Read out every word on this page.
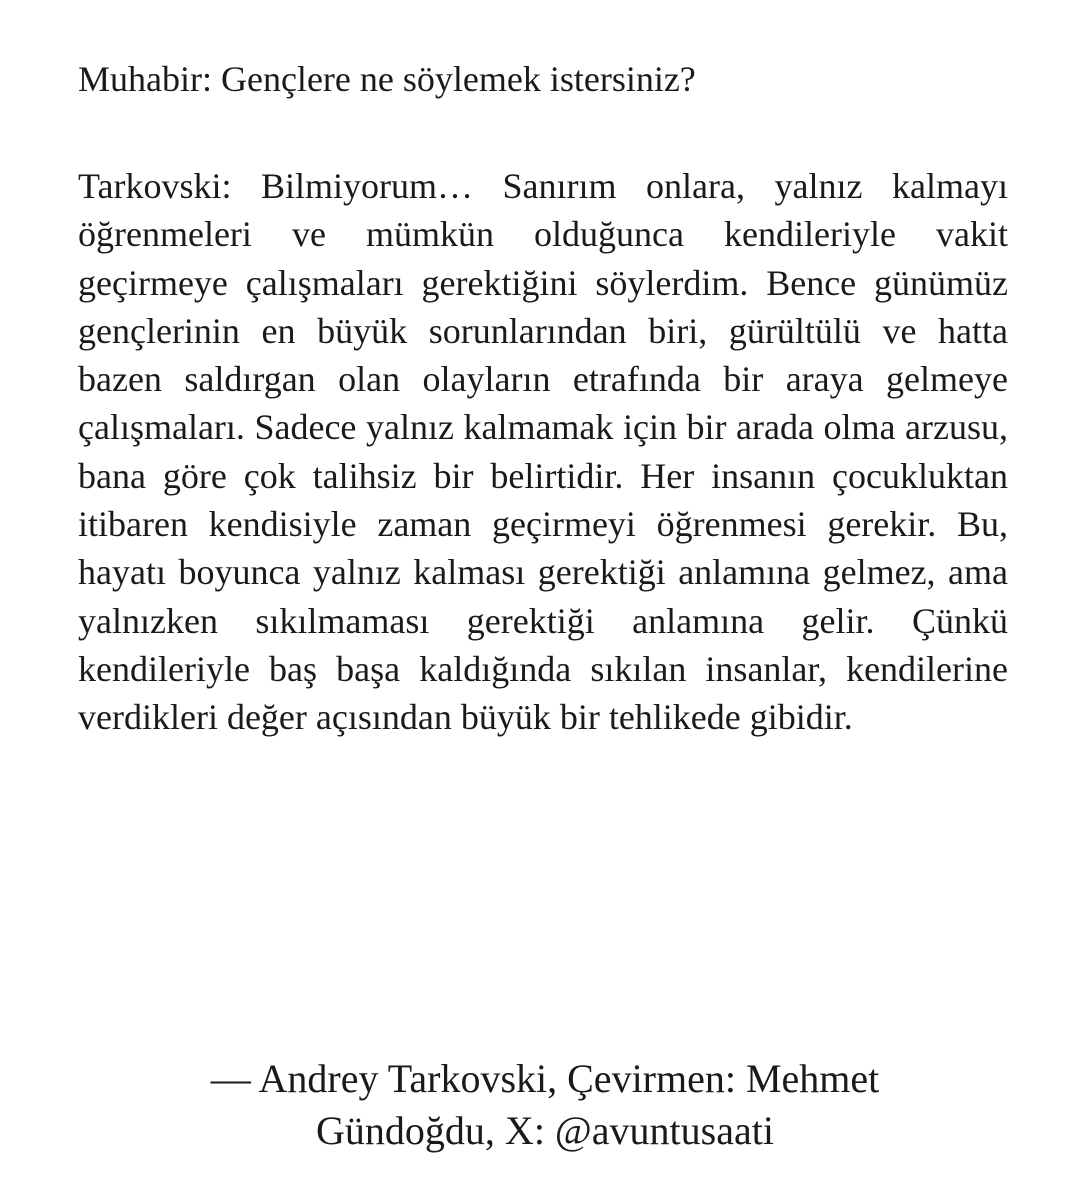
Muhabir: Gençlere ne söylemek istersiniz?

Tarkovski: Bilmiyorum… Sanırım onlara, yalnız kalmayı öğrenmeleri ve mümkün olduğunca kendileriyle vakit geçirmeye çalışmaları gerektiğini söylerdim. Bence günümüz gençlerinin en büyük sorunlarından biri, gürültülü ve hatta bazen saldırgan olan olayların etrafında bir araya gelmeye çalışmaları. Sadece yalnız kalmamak için bir arada olma arzusu, bana göre çok talihsiz bir belirtidir. Her insanın çocukluktan itibaren kendisiyle zaman geçirmeyi öğrenmesi gerekir. Bu, hayatı boyunca yalnız kalması gerektiği anlamına gelmez, ama yalnızken sıkılmaması gerektiği anlamına gelir. Çünkü kendileriyle baş başa kaldığında sıkılan insanlar, kendilerine verdikleri değer açısından büyük bir tehlikede gibidir.

— Andrey Tarkovski, Çevirmen: Mehmet
Gündoğdu, X: @avuntusaati
